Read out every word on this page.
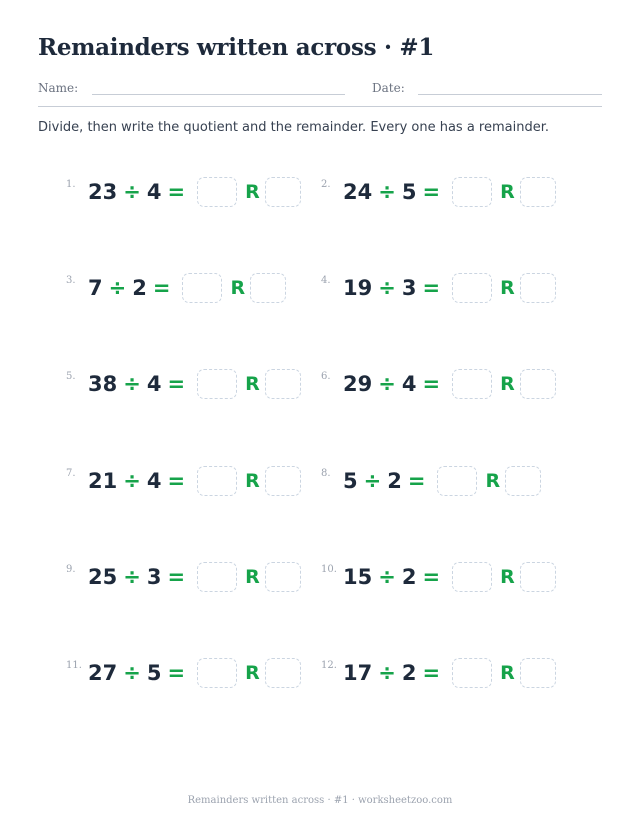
Remainders written across · #1
Name:	Date:
Divide, then write the quotient and the remainder. Every one has a remainder.
1. 23 ÷ 4 =	R	2. 24 ÷ 5 =	R
3. 7 ÷ 2 =	R	4. 19 ÷ 3 =	R
5. 38 ÷ 4 =	R	6. 29 ÷ 4 =	R
7. 21 ÷ 4 =	R	8. 5 ÷ 2 =	R
9. 25 ÷ 3 =	R	10. 15 ÷ 2 =	R
11. 27 ÷ 5 =	R	12. 17 ÷ 2 =	R
Remainders written across · #1 · worksheetzoo.com
